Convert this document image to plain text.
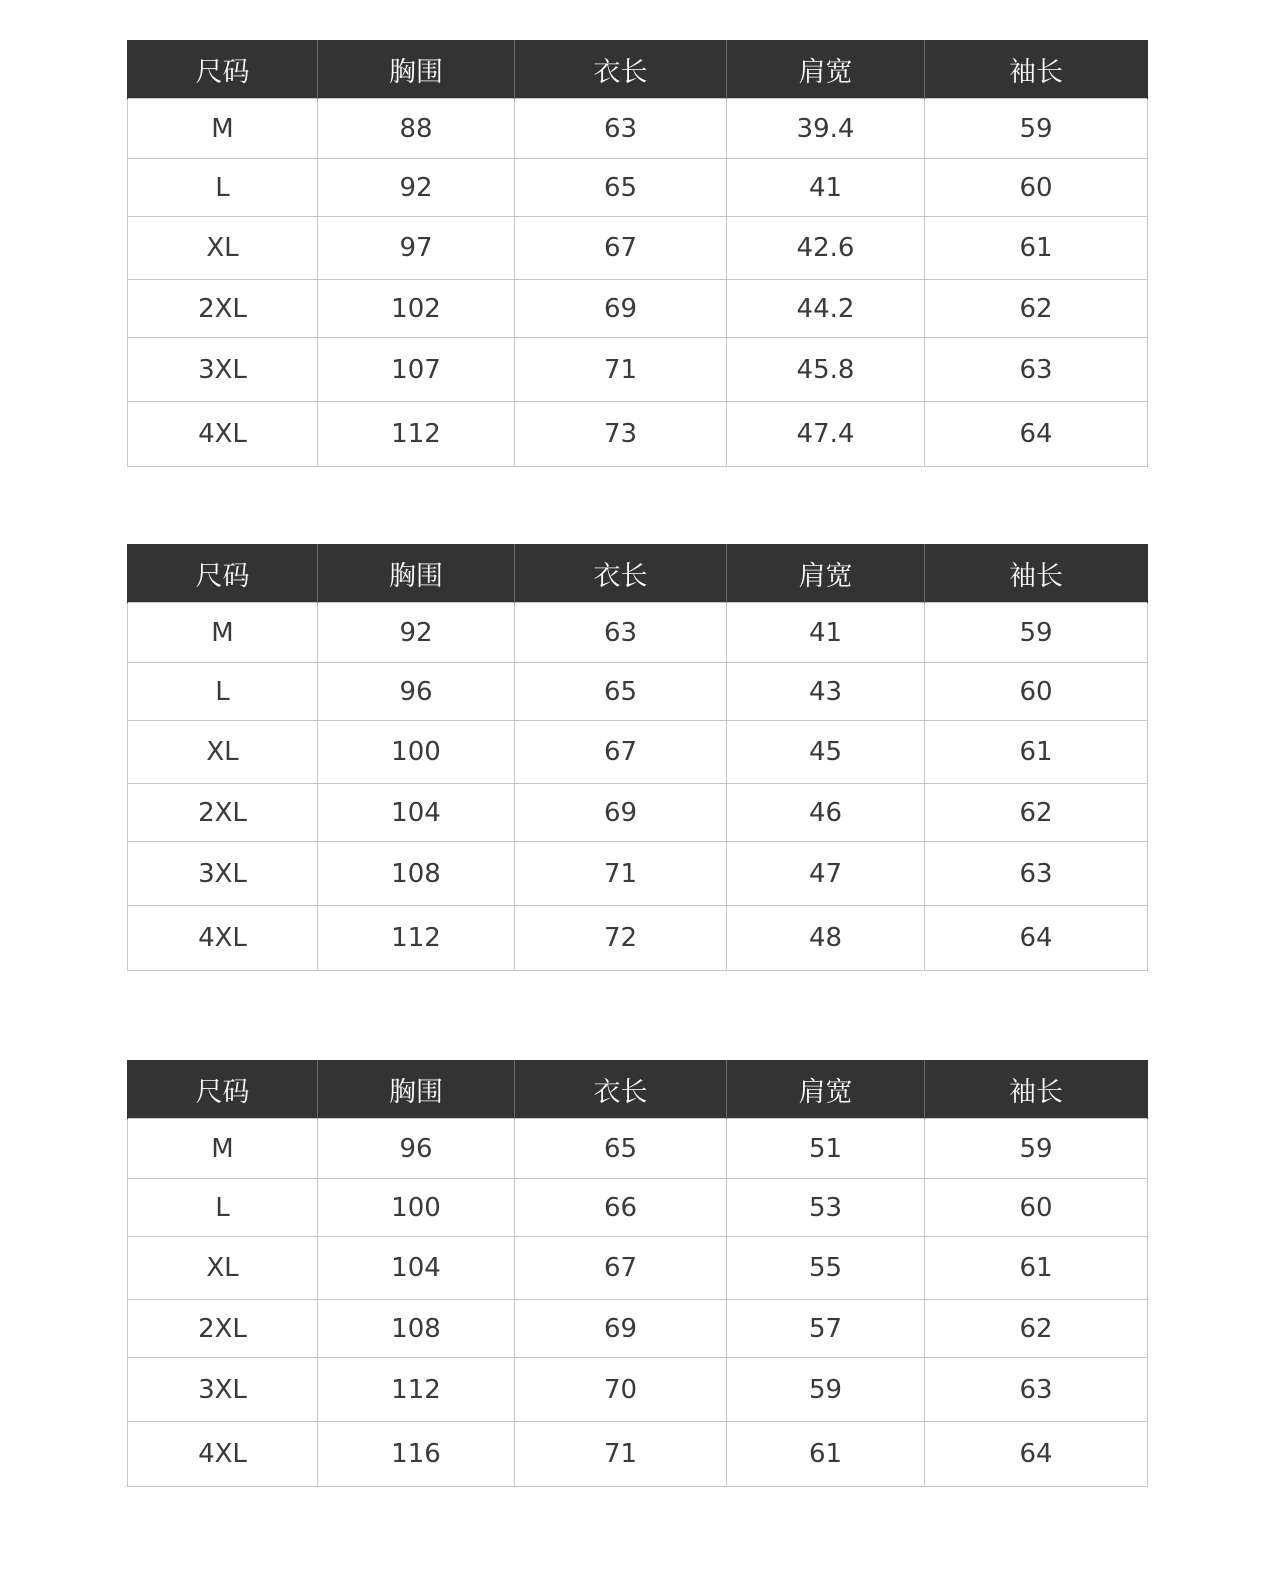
尺码	胸围	衣长	肩宽	袖长
M	88	63	39.4	59
L	92	65	41	60
XL	97	67	42.6	61
2XL	102	69	44.2	62
3XL	107	71	45.8	63
4XL	112	73	47.4	64
尺码	胸围	衣长	肩宽	袖长
M	92	63	41	59
L	96	65	43	60
XL	100	67	45	61
2XL	104	69	46	62
3XL	108	71	47	63
4XL	112	72	48	64
尺码	胸围	衣长	肩宽	袖长
M	96	65	51	59
L	100	66	53	60
XL	104	67	55	61
2XL	108	69	57	62
3XL	112	70	59	63
4XL	116	71	61	64
